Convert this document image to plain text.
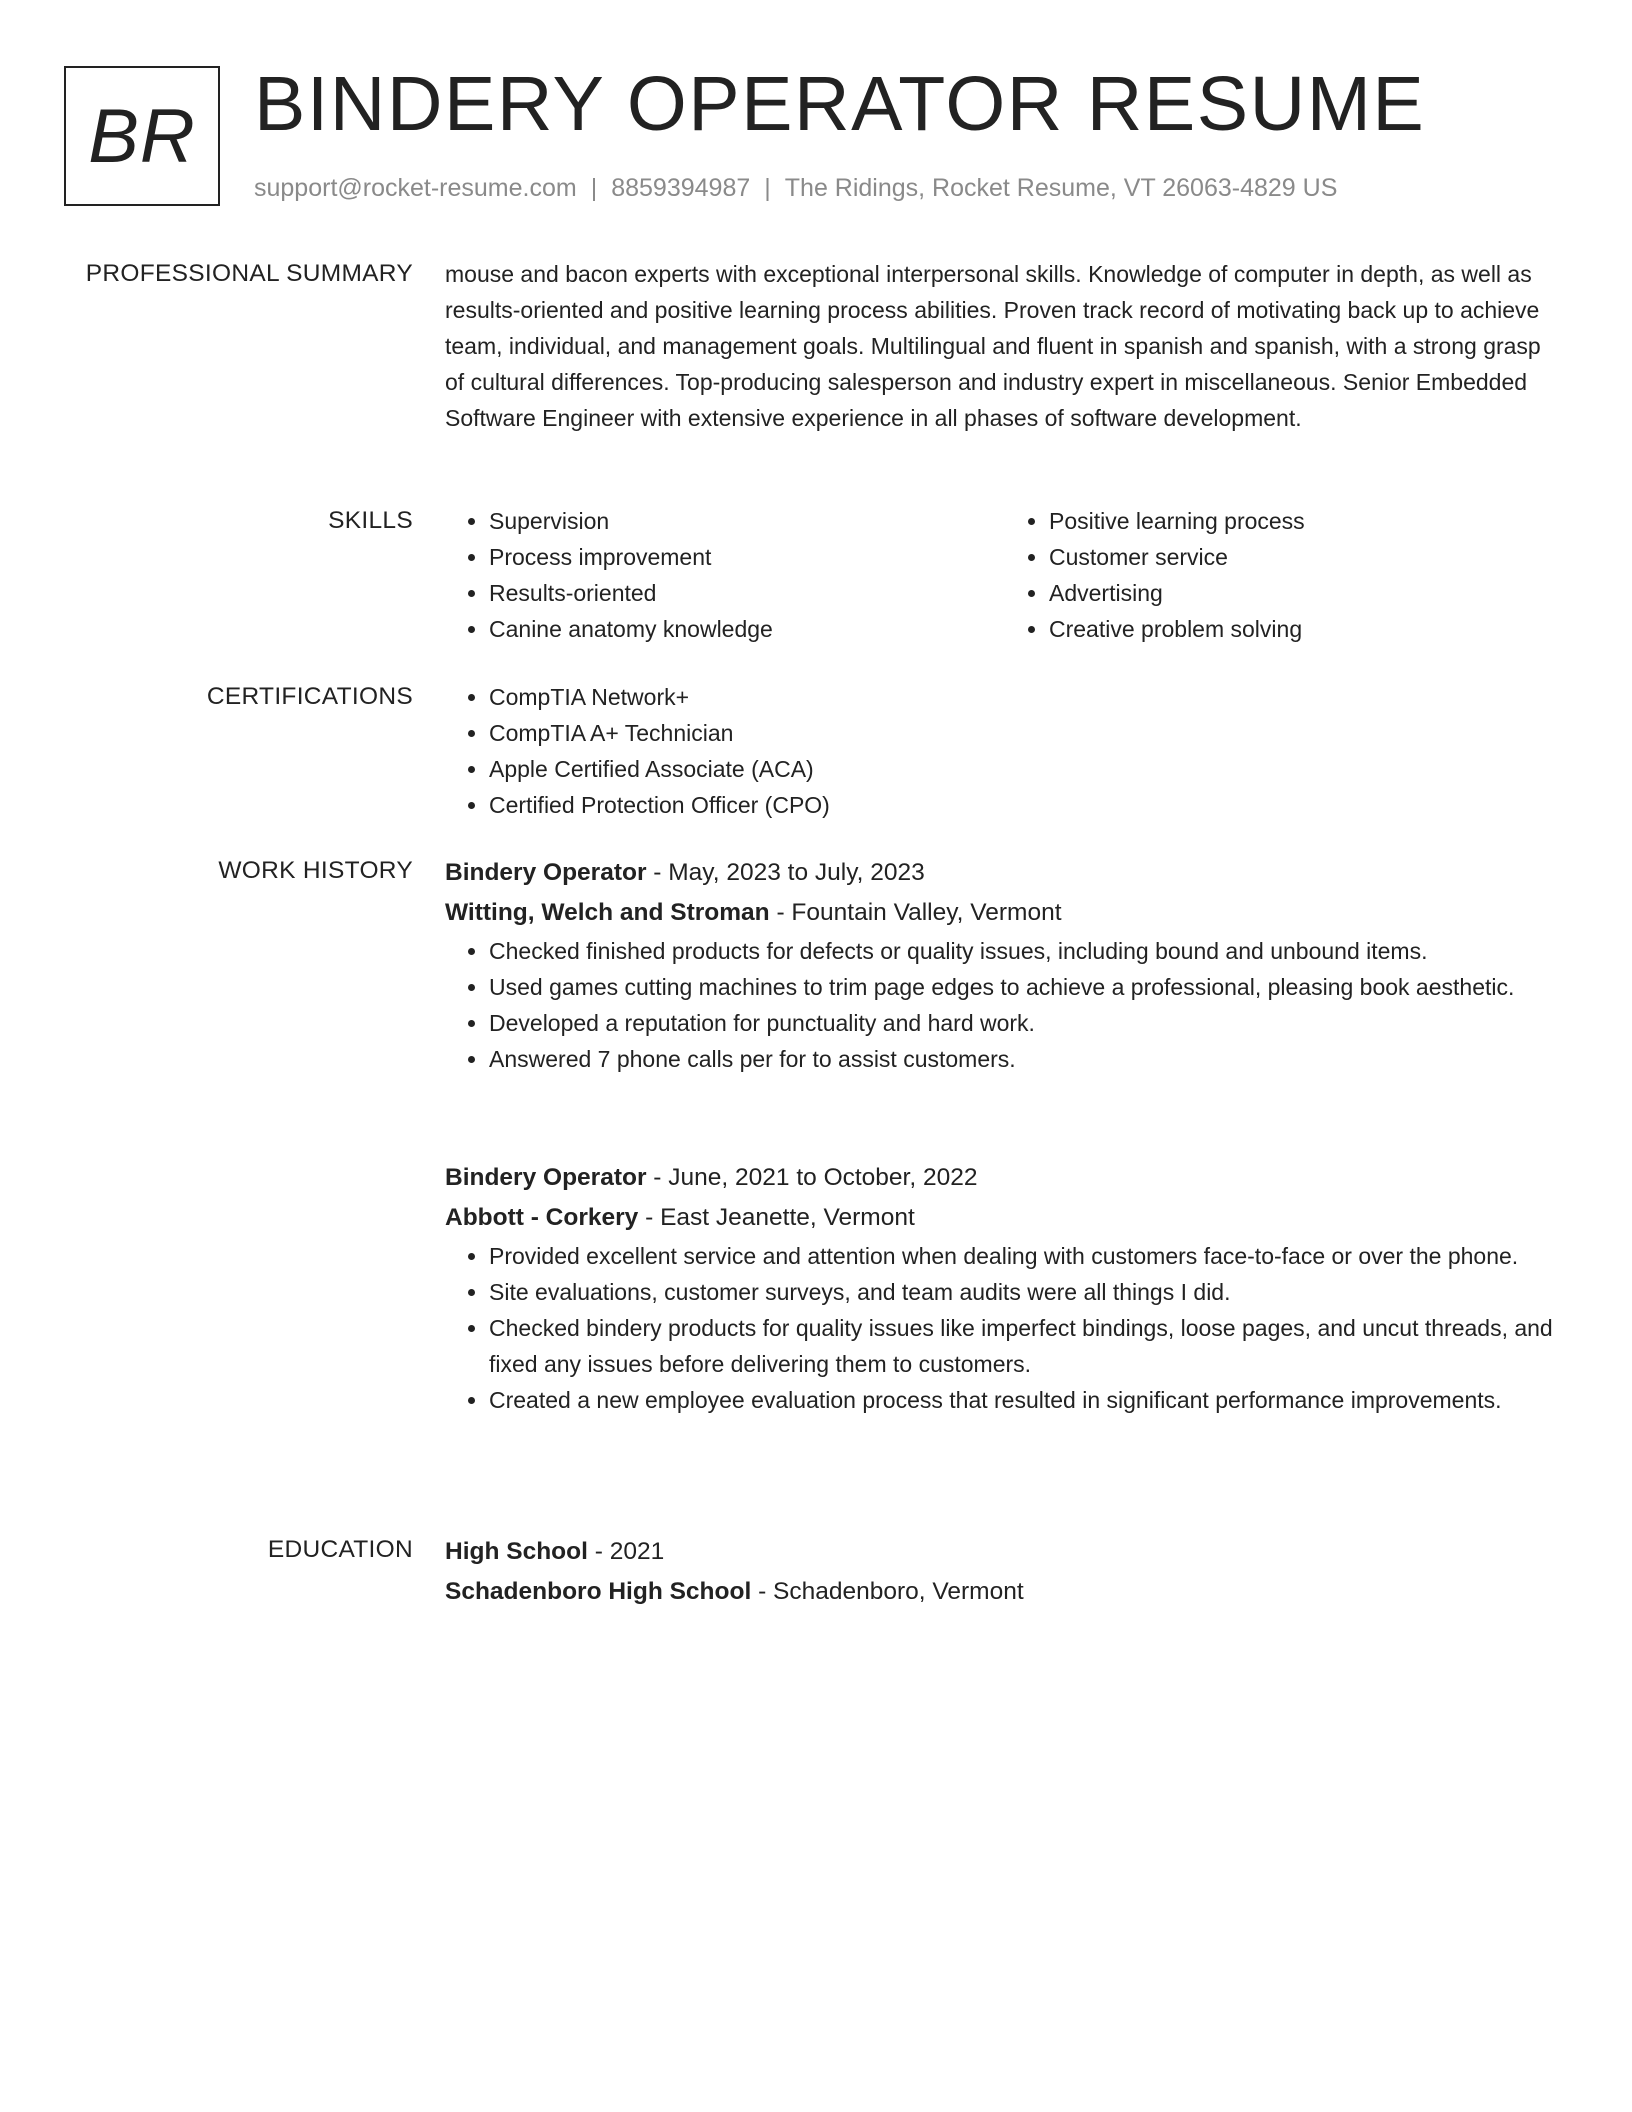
BR BINDERY OPERATOR RESUME
support@rocket-resume.com | 8859394987 | The Ridings, Rocket Resume, VT 26063-4829 US
PROFESSIONAL SUMMARY mouse and bacon experts with exceptional interpersonal skills. Knowledge of computer in depth, as well as results-oriented and positive learning process abilities. Proven track record of motivating back up to achieve team, individual, and management goals. Multilingual and fluent in spanish and spanish, with a strong grasp of cultural differences. Top-producing salesperson and industry expert in miscellaneous. Senior Embedded Software Engineer with extensive experience in all phases of software development.

SKILLS	• Supervision
• Process improvement
• Results-oriented
• Canine anatomy knowledge
• Positive learning process
• Customer service
• Advertising
• Creative problem solving
CERTIFICATIONS	• CompTIA Network+
• CompTIA A+ Technician
• Apple Certified Associate (ACA)
• Certified Protection Officer (CPO)
WORK HISTORY Bindery Operator - May, 2023 to July, 2023
Witting, Welch and Stroman - Fountain Valley, Vermont
• Checked finished products for defects or quality issues, including bound and unbound items.
• Used games cutting machines to trim page edges to achieve a professional, pleasing book aesthetic.
• Developed a reputation for punctuality and hard work.
• Answered 7 phone calls per for to assist customers.
Bindery Operator - June, 2021 to October, 2022
Abbott - Corkery - East Jeanette, Vermont
• Provided excellent service and attention when dealing with customers face-to-face or over the phone.
• Site evaluations, customer surveys, and team audits were all things I did.
• Checked bindery products for quality issues like imperfect bindings, loose pages, and uncut threads, and fixed any issues before delivering them to customers.
• Created a new employee evaluation process that resulted in significant performance improvements.
EDUCATION High School - 2021
Schadenboro High School - Schadenboro, Vermont
